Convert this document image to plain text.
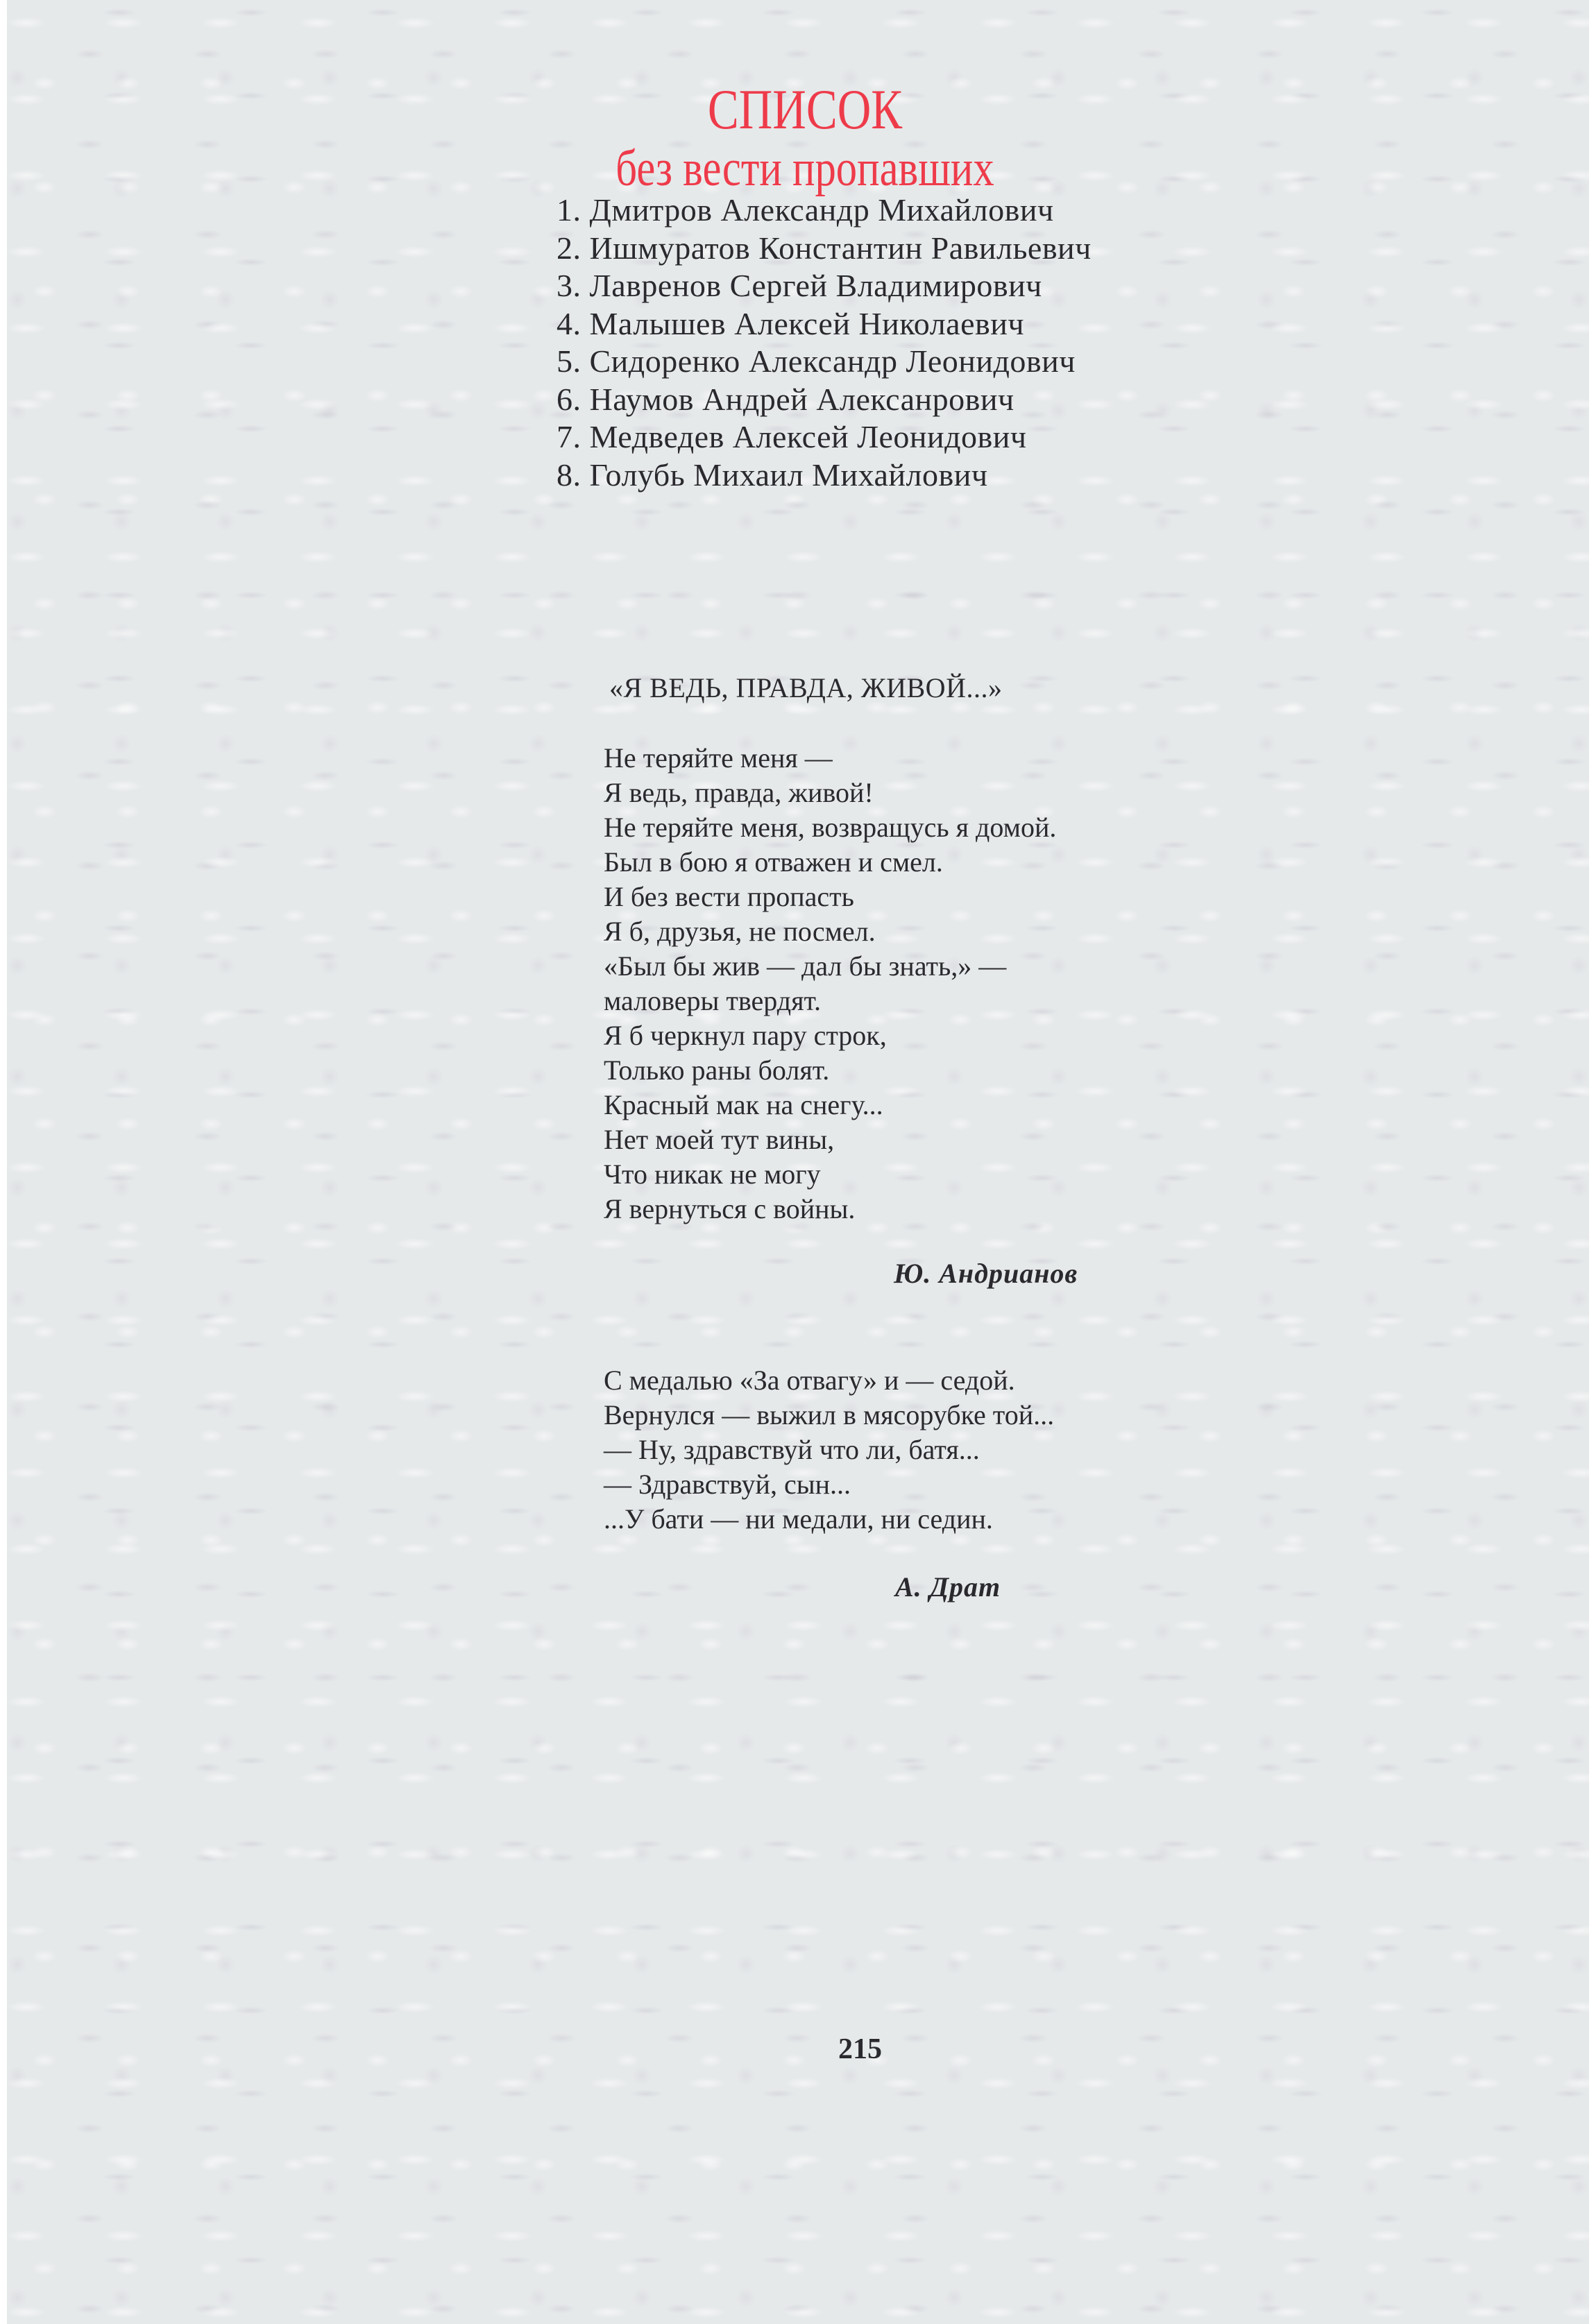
СПИСОК
без вести пропавших
1. Дмитров Александр Михайлович
2. Ишмуратов Константин Равильевич
3. Лавренов Сергей Владимирович
4. Малышев Алексей Николаевич
5. Сидоренко Александр Леонидович
6. Наумов Андрей Алексанрович
7. Медведев Алексей Леонидович
8. Голубь Михаил Михайлович
«Я ВЕДЬ, ПРАВДА, ЖИВОЙ...»
Не теряйте меня —
Я ведь, правда, живой!
Не теряйте меня, возвращусь я домой.
Был в бою я отважен и смел.
И без вести пропасть
Я б, друзья, не посмел.
«Был бы жив — дал бы знать,» —
маловеры твердят.
Я б черкнул пару строк,
Только раны болят.
Красный мак на снегу...
Нет моей тут вины,
Что никак не могу
Я вернуться с войны.
Ю. Андрианов
С медалью «За отвагу» и — седой.
Вернулся — выжил в мясорубке той...
— Ну, здравствуй что ли, батя...
— Здравствуй, сын...
...У бати — ни медали, ни седин.
А. Драт
215
